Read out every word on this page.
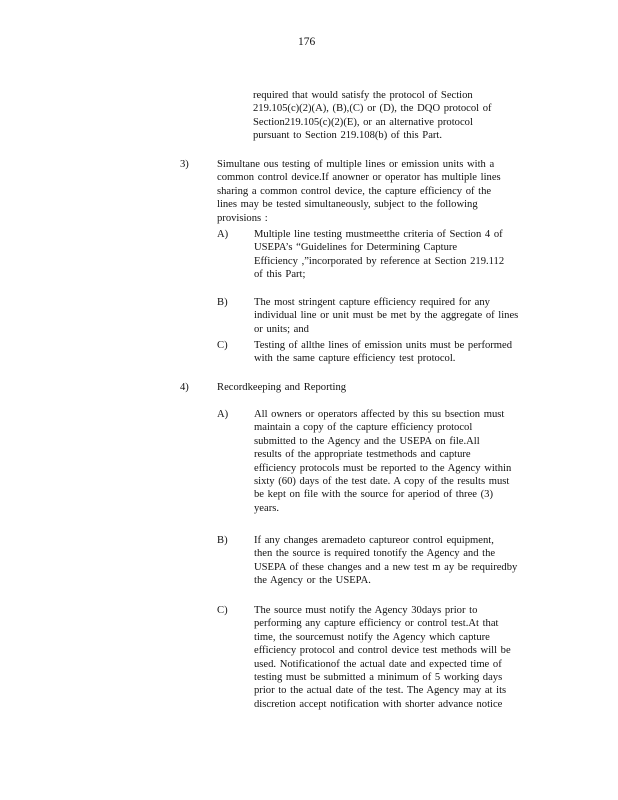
176
required that would satisfy the protocol of Section
219.105(c)(2)(A), (B),(C) or (D), the DQO protocol of
Section219.105(c)(2)(E), or an alternative protocol
pursuant to Section 219.108(b) of this Part.
3)	Simultane ous testing of multiple lines or emission units with a
common control device.If anowner or operator has multiple lines
sharing a common control device, the capture efficiency of the
lines may be tested simultaneously, subject to the following
provisions :
A) Multiple line testing mustmeetthe criteria of Section 4 of
USEPA’s “Guidelines for Determining Capture
Efficiency ,”incorporated by reference at Section 219.112
of this Part;
B) The most stringent capture efficiency required for any
individual line or unit must be met by the aggregate of lines
or units; and
C) Testing of allthe lines of emission units must be performed
with the same capture efficiency test protocol.
4)	Recordkeeping and Reporting
A) All owners or operators affected by this su bsection must
maintain a copy of the capture efficiency protocol
submitted to the Agency and the USEPA on file.All
results of the appropriate testmethods and capture
efficiency protocols must be reported to the Agency within
sixty (60) days of the test date. A copy of the results must
be kept on file with the source for aperiod of three (3)
years.
B) If any changes aremadeto captureor control equipment,
then the source is required tonotify the Agency and the
USEPA of these changes and a new test m ay be requiredby
the Agency or the USEPA.
C) The source must notify the Agency 30days prior to
performing any capture efficiency or control test.At that
time, the sourcemust notify the Agency which capture
efficiency protocol and control device test methods will be
used. Notificationof the actual date and expected time of
testing must be submitted a minimum of 5 working days
prior to the actual date of the test. The Agency may at its
discretion accept notification with shorter advance notice
